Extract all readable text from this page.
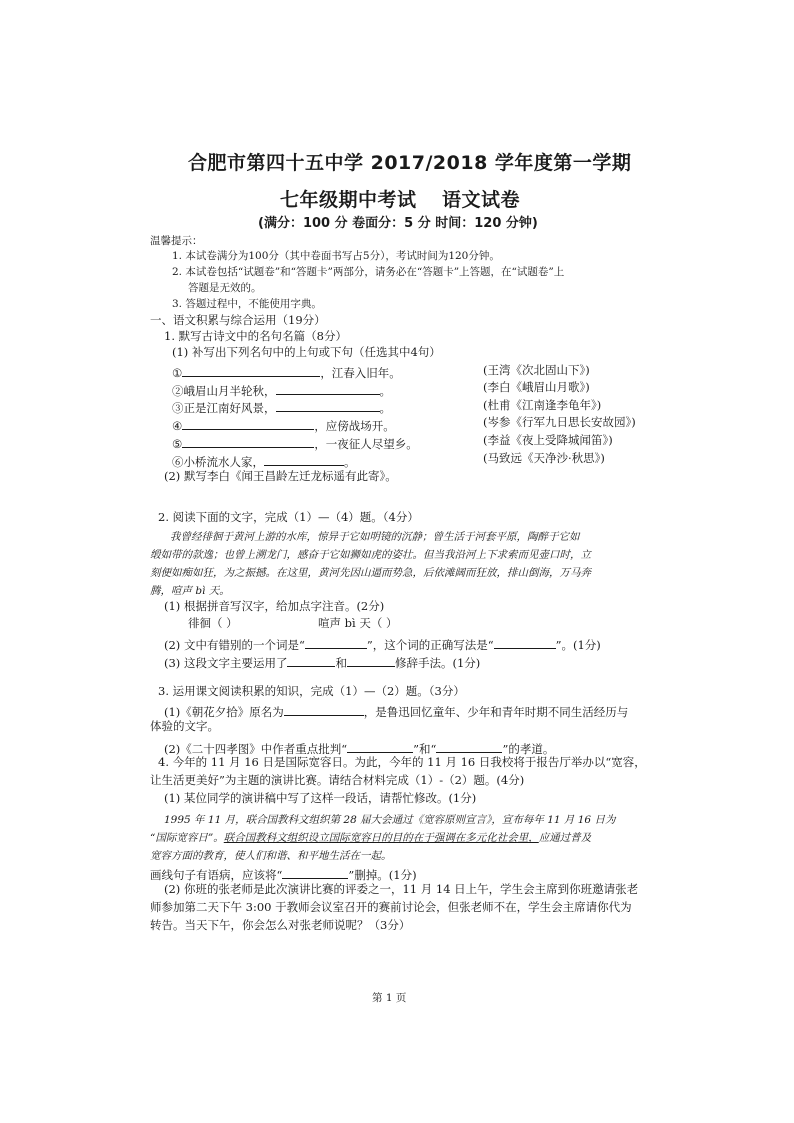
合肥市第四十五中学 2017/2018 学年度第一学期
七年级期中考试 语文试卷
(满分：100 分 卷面分：5 分 时间：120 分钟)
温馨提示：
1. 本试卷满分为100分（其中卷面书写占5分），考试时间为120分钟。
2. 本试卷包括“试题卷”和“答题卡”两部分，请务必在“答题卡”上答题，在“试题卷”上
答题是无效的。
3. 答题过程中，不能使用字典。
一、语文积累与综合运用（19分）
1. 默写古诗文中的名句名篇（8分）
(1) 补写出下列名句中的上句或下句（任选其中4句）
①	，江春入旧年。	(王湾《次北固山下》)
②峨眉山月半轮秋，	。	(李白《峨眉山月歌》)
③正是江南好风景，	。	(杜甫《江南逢李龟年》)
④	，应傍战场开。	(岑参《行军九日思长安故园》)
⑤	，一夜征人尽望乡。	(李益《夜上受降城闻笛》)
⑥小桥流水人家，	。	(马致远《天净沙·秋思》)
(2) 默写李白《闻王昌龄左迁龙标遥有此寄》。
2. 阅读下面的文字，完成（1）—（4）题。（4分）
我曾经徘徊于黄河上游的水库，惊异于它如明镜的沉静；曾生活于河套平原，陶醉于它如
缎如带的款逸；也曾上溯龙门，感奋于它如狮如虎的姿壮。但当我沿河上下求索而见壶口时，立
刻便如痴如狂，为之振撼。在这里，黄河先因山逼而势急，后依滩阔而狂放，排山倒海，万马奔
腾，喧声 bì 天。
(1) 根据拼音写汉字，给加点字注音。(2分)
徘徊（ ）	喧声 bì 天（ ）
(2) 文中有错别的一个词是“	”，这个词的正确写法是“	”。(1分)
(3) 这段文字主要运用了	和	修辞手法。(1分)
3. 运用课文阅读积累的知识，完成（1）—（2）题。（3分）
(1)《朝花夕拾》原名为	，是鲁迅回忆童年、少年和青年时期不同生活经历与
体验的文字。
(2)《二十四孝图》中作者重点批判“	”和“	”的孝道。
4. 今年的 11 月 16 日是国际宽容日。为此，今年的 11 月 16 日我校将于报告厅举办以“宽容，
让生活更美好”为主题的演讲比赛。请结合材料完成（1）-（2）题。(4分)
(1) 某位同学的演讲稿中写了这样一段话，请帮忙修改。(1分)
1995 年 11 月，联合国教科文组织第 28 届大会通过《宽容原则宣言》，宣布每年 11 月 16 日为
“国际宽容日”。联合国教科文组织设立国际宽容日的目的在于强调在多元化社会里，应通过普及
宽容方面的教育，使人们和谐、和平地生活在一起。
画线句子有语病，应该将“	”删掉。(1分)
(2) 你班的张老师是此次演讲比赛的评委之一，11 月 14 日上午，学生会主席到你班邀请张老
师参加第二天下午 3:00 于教师会议室召开的赛前讨论会，但张老师不在，学生会主席请你代为
转告。当天下午，你会怎么对张老师说呢？（3分）
第 1 页
